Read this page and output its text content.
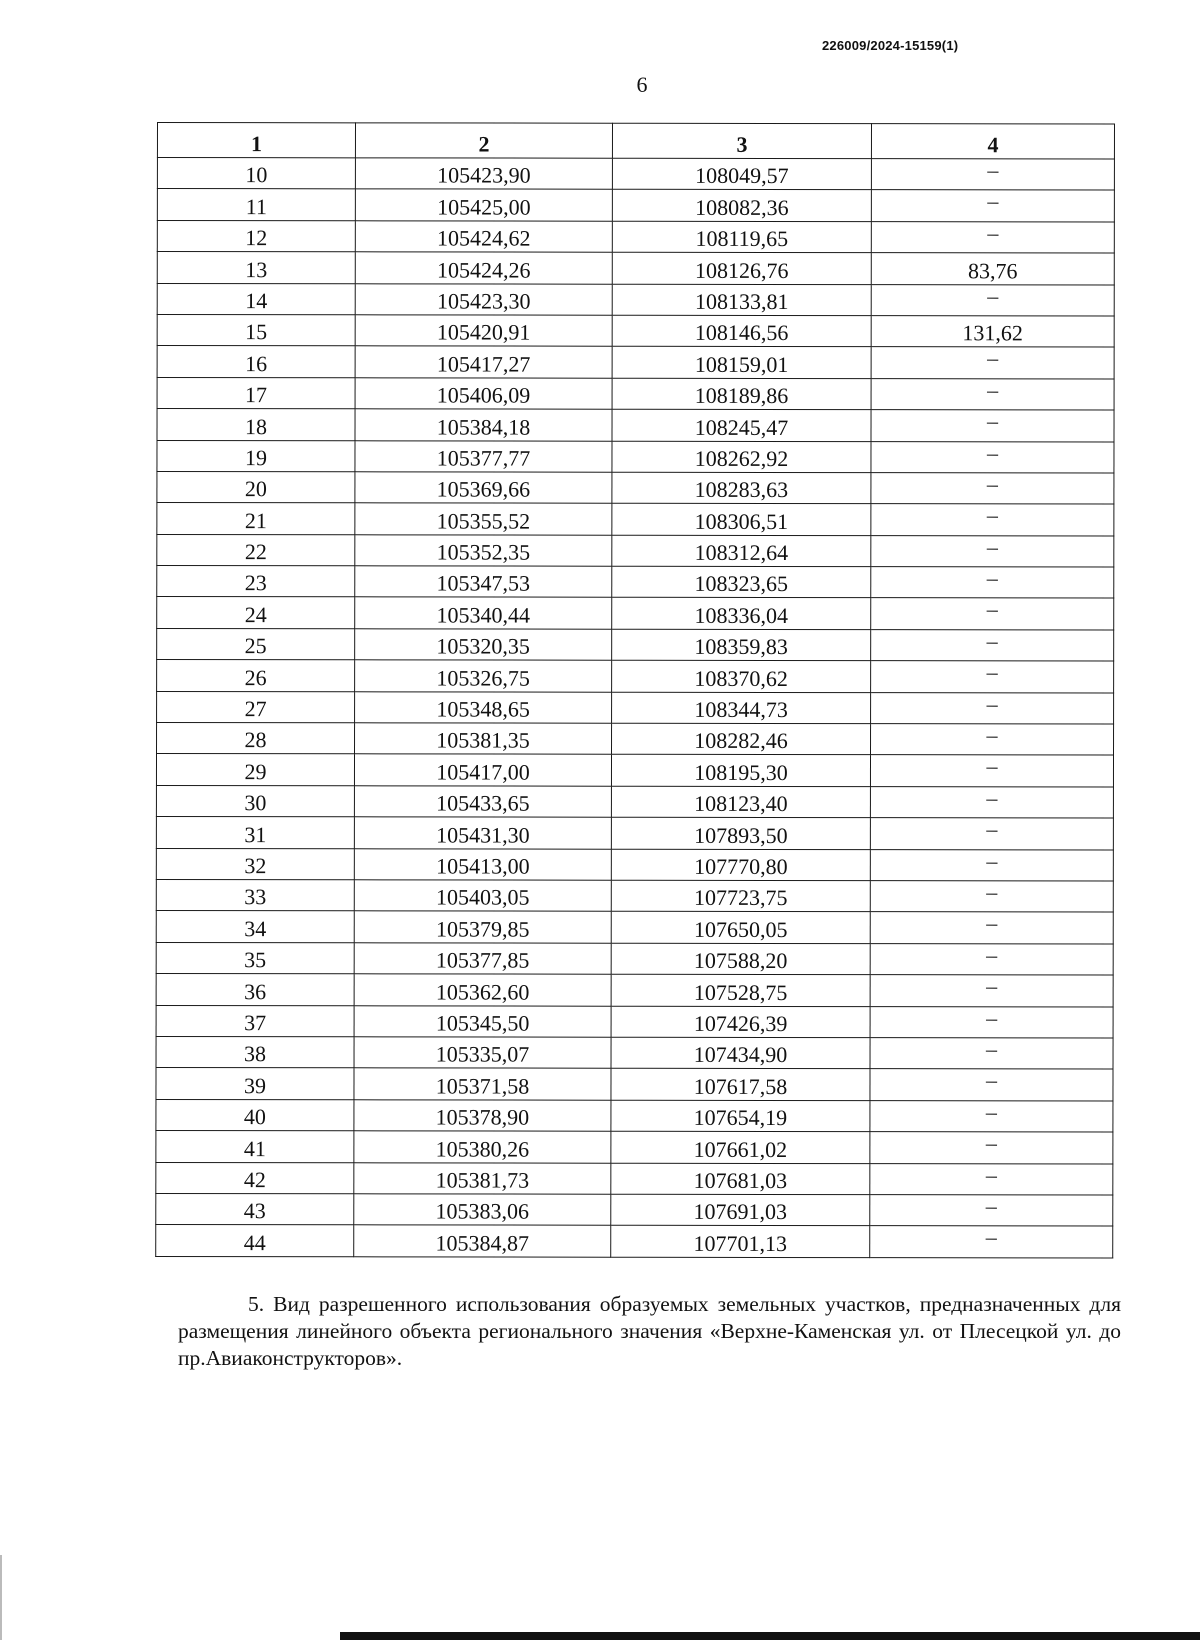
226009/2024-15159(1)
6
1	2	3	4
10	105423,90	108049,57	–
11	105425,00	108082,36	–
12	105424,62	108119,65	–
13	105424,26	108126,76	83,76
14	105423,30	108133,81	–
15	105420,91	108146,56	131,62
16	105417,27	108159,01	–
17	105406,09	108189,86	–
18	105384,18	108245,47	–
19	105377,77	108262,92	–
20	105369,66	108283,63	–
21	105355,52	108306,51	–
22	105352,35	108312,64	–
23	105347,53	108323,65	–
24	105340,44	108336,04	–
25	105320,35	108359,83	–
26	105326,75	108370,62	–
27	105348,65	108344,73	–
28	105381,35	108282,46	–
29	105417,00	108195,30	–
30	105433,65	108123,40	–
31	105431,30	107893,50	–
32	105413,00	107770,80	–
33	105403,05	107723,75	–
34	105379,85	107650,05	–
35	105377,85	107588,20	–
36	105362,60	107528,75	–
37	105345,50	107426,39	–
38	105335,07	107434,90	–
39	105371,58	107617,58	–
40	105378,90	107654,19	–
41	105380,26	107661,02	–
42	105381,73	107681,03	–
43	105383,06	107691,03	–
44	105384,87	107701,13	–
5. Вид разрешенного использования образуемых земельных участков, предназначенных для размещения линейного объекта регионального значения «Верхне-Каменская ул. от Плесецкой ул. до пр.Авиаконструкторов».
